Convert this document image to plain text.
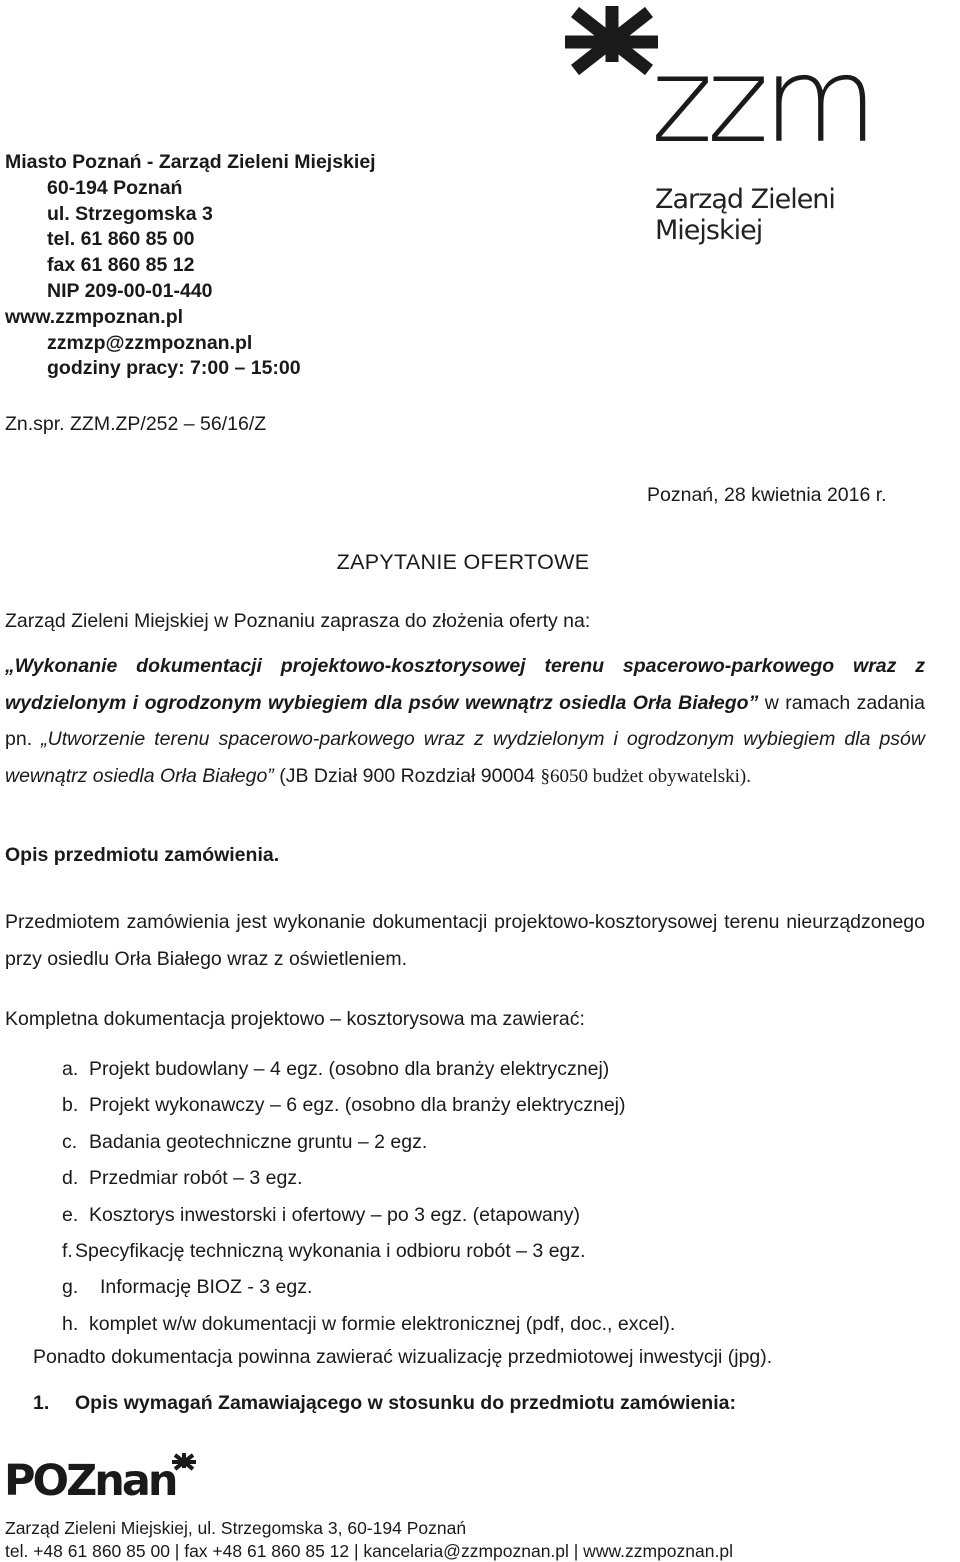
zzm
Zarząd Zieleni Miejskiej
Miasto Poznań - Zarząd Zieleni Miejskiej
60-194 Poznań
ul. Strzegomska 3
tel. 61 860 85 00
fax 61 860 85 12
NIP 209-00-01-440
www.zzmpoznan.pl
zzmzp@zzmpoznan.pl
godziny pracy: 7:00 – 15:00
Zn.spr. ZZM.ZP/252 – 56/16/Z
Poznań, 28 kwietnia 2016 r.
ZAPYTANIE OFERTOWE
Zarząd Zieleni Miejskiej w Poznaniu zaprasza do złożenia oferty na:
„Wykonanie dokumentacji projektowo-kosztorysowej terenu spacerowo-parkowego wraz z wydzielonym i ogrodzonym wybiegiem dla psów wewnątrz osiedla Orła Białego” w ramach zadania pn. „Utworzenie terenu spacerowo-parkowego wraz z wydzielonym i ogrodzonym wybiegiem dla psów wewnątrz osiedla Orła Białego” (JB Dział 900 Rozdział 90004 §6050 budżet obywatelski).
Opis przedmiotu zamówienia.
Przedmiotem zamówienia jest wykonanie dokumentacji projektowo-kosztorysowej terenu nieurządzonego przy osiedlu Orła Białego wraz z oświetleniem.
Kompletna dokumentacja projektowo – kosztorysowa ma zawierać:
a. Projekt budowlany – 4 egz. (osobno dla branży elektrycznej)
b. Projekt wykonawczy – 6 egz. (osobno dla branży elektrycznej)
c. Badania geotechniczne gruntu – 2 egz.
d. Przedmiar robót – 3 egz.
e. Kosztorys inwestorski i ofertowy – po 3 egz. (etapowany)
f. Specyfikację techniczną wykonania i odbioru robót – 3 egz.
g. Informację BIOZ - 3 egz.
h. komplet w/w dokumentacji w formie elektronicznej (pdf, doc., excel).
Ponadto dokumentacja powinna zawierać wizualizację przedmiotowej inwestycji (jpg).
1. Opis wymagań Zamawiającego w stosunku do przedmiotu zamówienia:
POZnan
Zarząd Zieleni Miejskiej, ul. Strzegomska 3, 60-194 Poznań
tel. +48 61 860 85 00 | fax +48 61 860 85 12 | kancelaria@zzmpoznan.pl | www.zzmpoznan.pl
